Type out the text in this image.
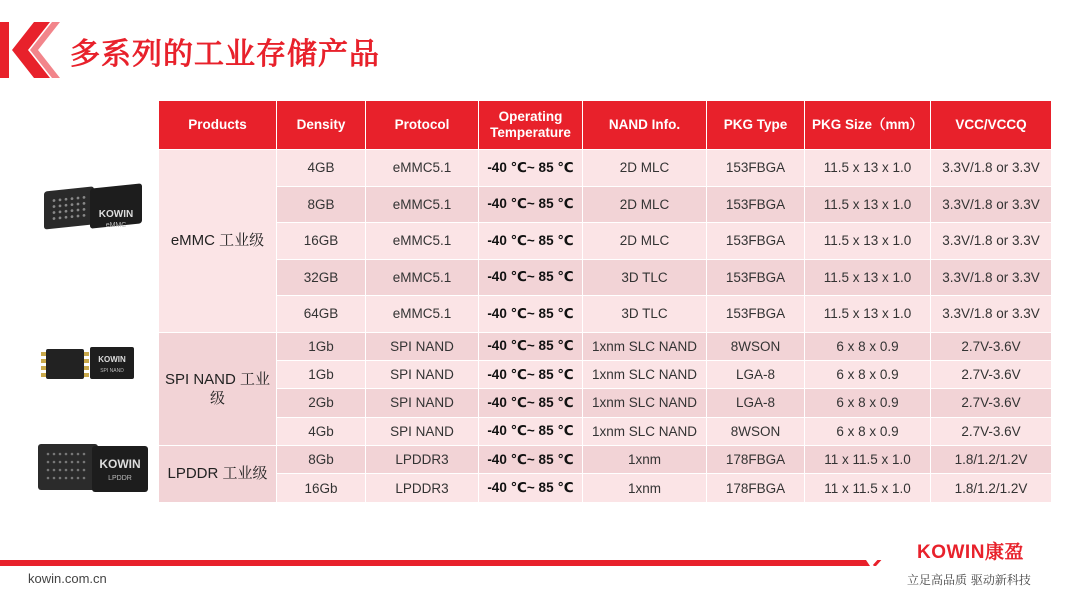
多系列的工业存储产品
KOWIN
eMMC
KOWIN
SPI NAND
KOWIN
LPDDR
Products	Density	Protocol	Operating Temperature	NAND Info.	PKG Type	PKG Size（mm）	VCC/VCCQ
eMMC 工业级	4GB	eMMC5.1	-40 ℃~ 85 ℃	2D MLC	153FBGA	11.5 x 13 x 1.0	3.3V/1.8 or 3.3V
	8GB	eMMC5.1	-40 ℃~ 85 ℃	2D MLC	153FBGA	11.5 x 13 x 1.0	3.3V/1.8 or 3.3V
	16GB	eMMC5.1	-40 ℃~ 85 ℃	2D MLC	153FBGA	11.5 x 13 x 1.0	3.3V/1.8 or 3.3V
	32GB	eMMC5.1	-40 ℃~ 85 ℃	3D TLC	153FBGA	11.5 x 13 x 1.0	3.3V/1.8 or 3.3V
	64GB	eMMC5.1	-40 ℃~ 85 ℃	3D TLC	153FBGA	11.5 x 13 x 1.0	3.3V/1.8 or 3.3V
SPI NAND 工业级	1Gb	SPI NAND	-40 ℃~ 85 ℃	1xnm SLC NAND	8WSON	6 x 8 x 0.9	2.7V-3.6V
	1Gb	SPI NAND	-40 ℃~ 85 ℃	1xnm SLC NAND	LGA-8	6 x 8 x 0.9	2.7V-3.6V
	2Gb	SPI NAND	-40 ℃~ 85 ℃	1xnm SLC NAND	LGA-8	6 x 8 x 0.9	2.7V-3.6V
	4Gb	SPI NAND	-40 ℃~ 85 ℃	1xnm SLC NAND	8WSON	6 x 8 x 0.9	2.7V-3.6V
LPDDR 工业级	8Gb	LPDDR3	-40 ℃~ 85 ℃	1xnm	178FBGA	11 x 11.5 x 1.0	1.8/1.2/1.2V
	16Gb	LPDDR3	-40 ℃~ 85 ℃	1xnm	178FBGA	11 x 11.5 x 1.0	1.8/1.2/1.2V
KOWIN康盈
kowin.com.cn	立足高品质 驱动新科技
